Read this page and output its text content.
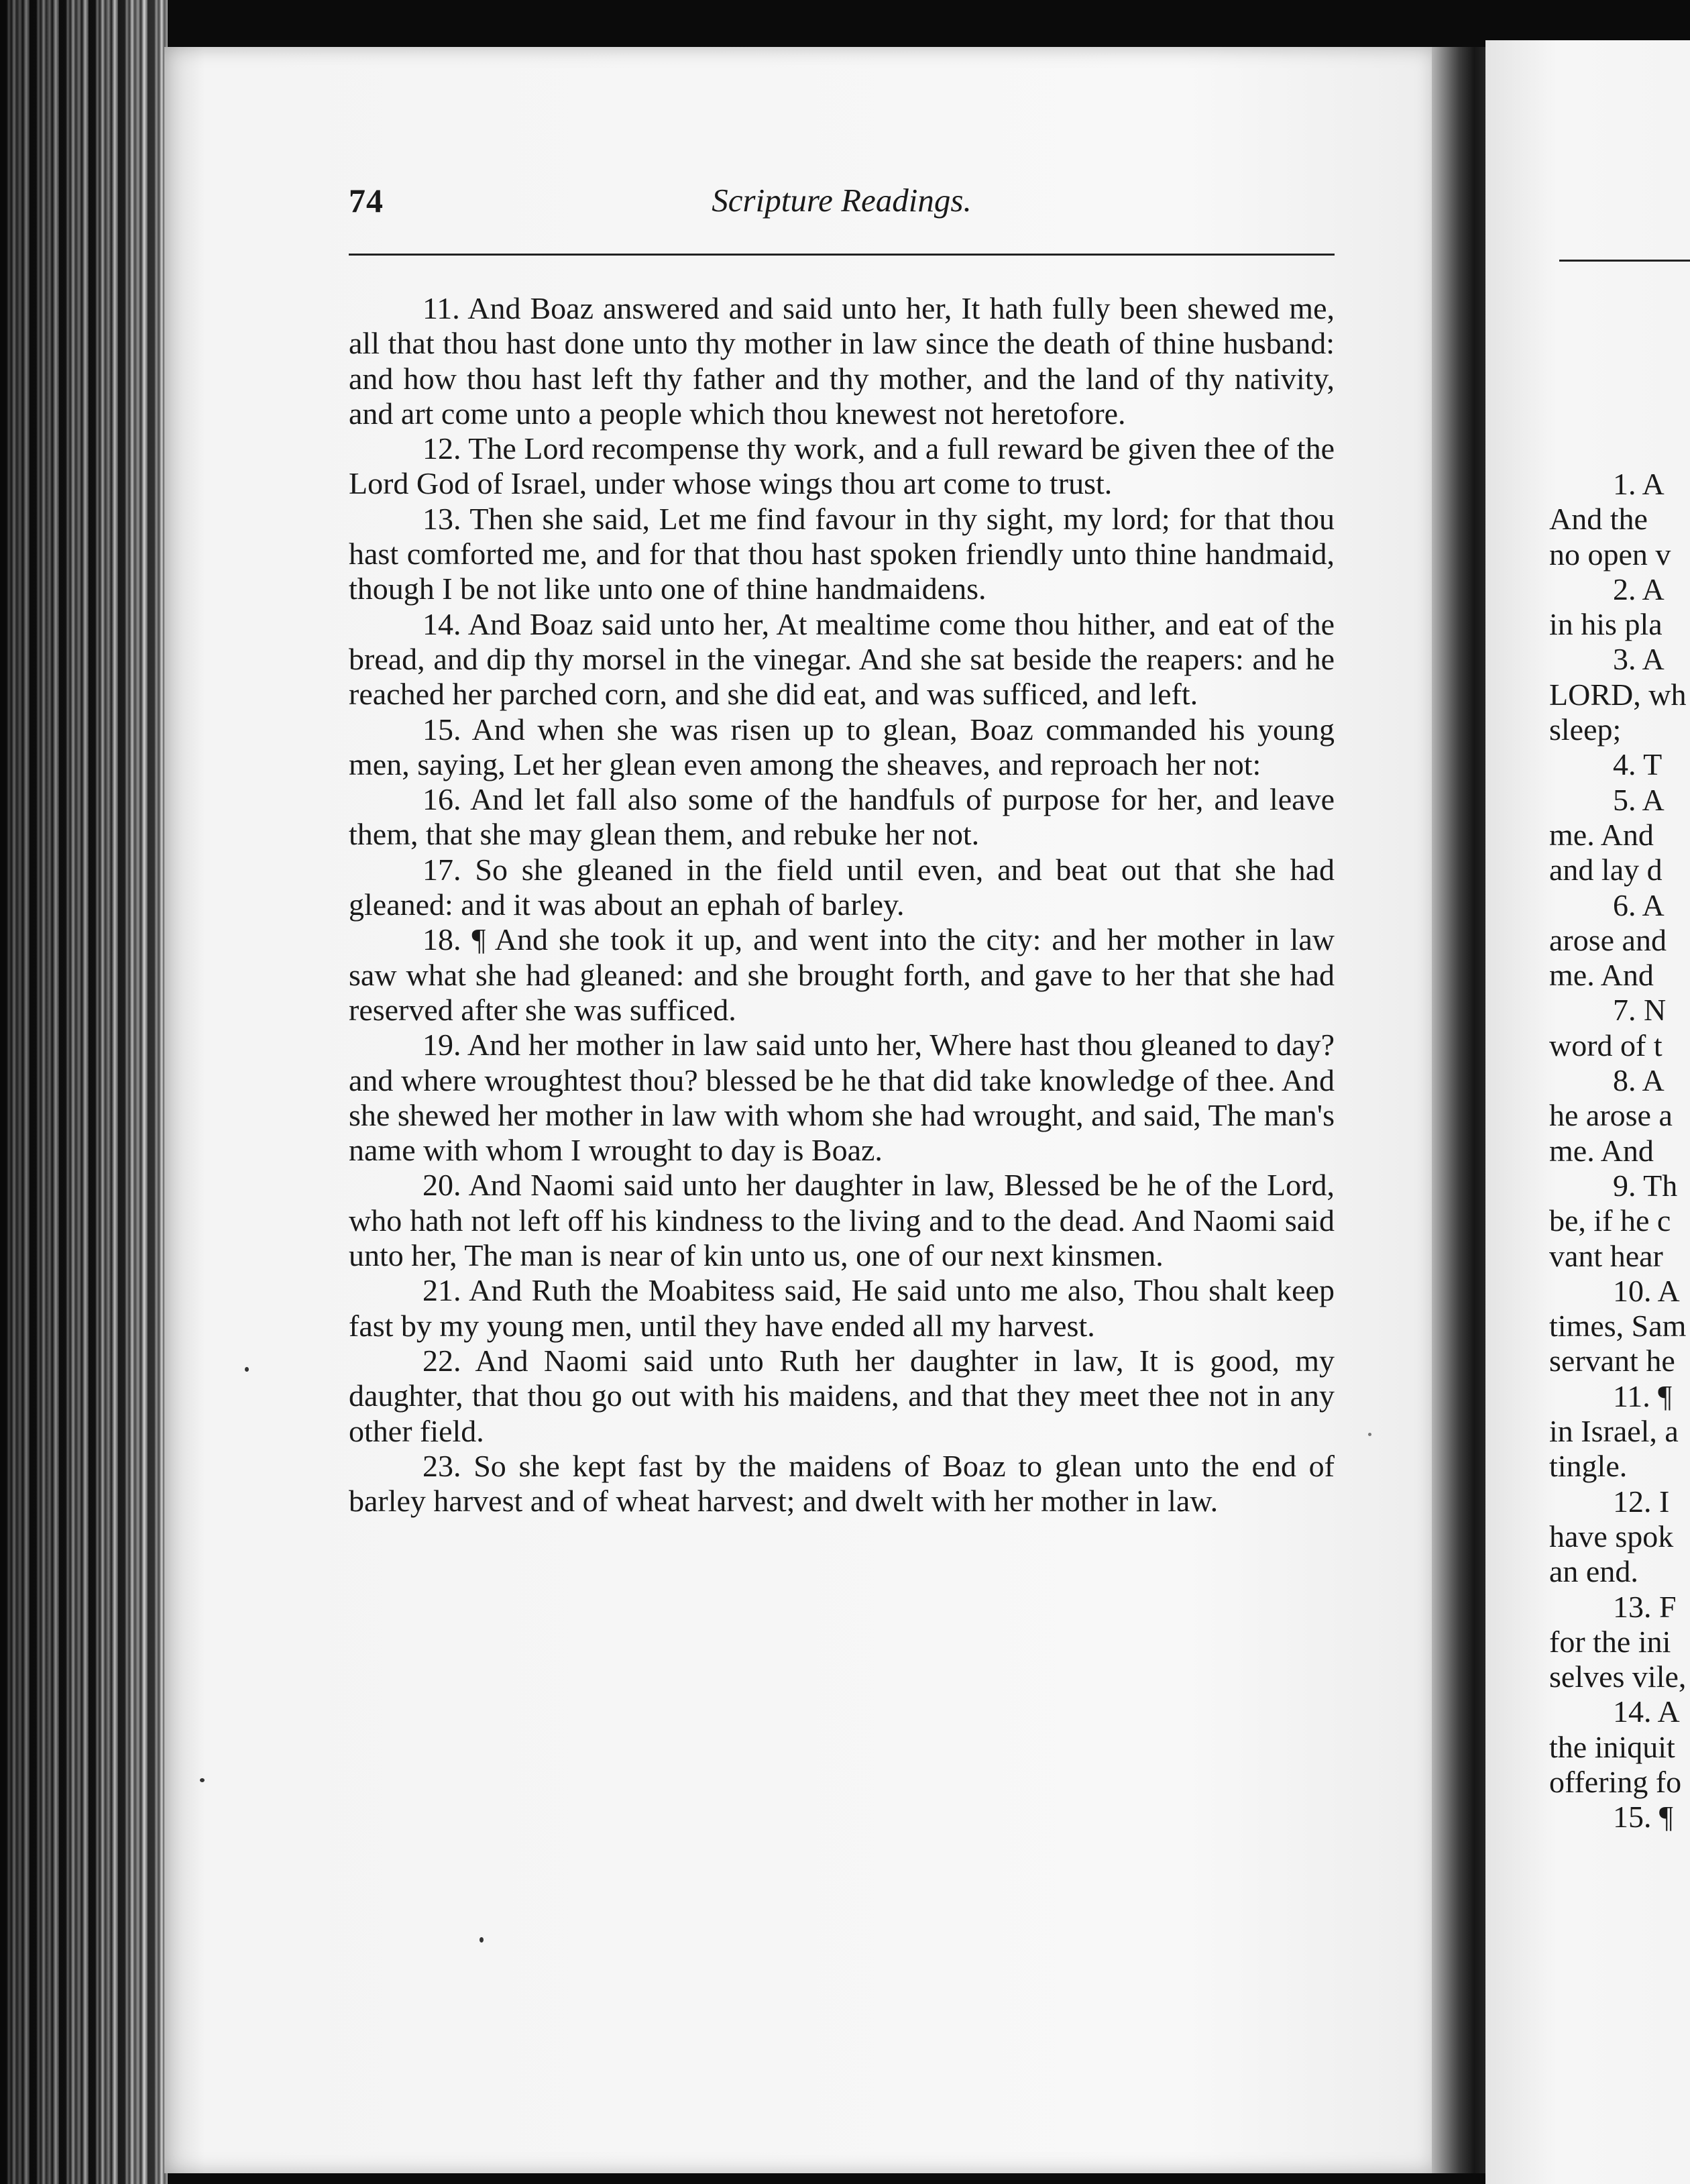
74	Scripture Readings.

11. And Boaz answered and said unto her, It hath fully been shewed me, all that thou hast done unto thy mother in law since the death of thine husband: and how thou hast left thy father and thy mother, and the land of thy nativity, and art come unto a people which thou knewest not heretofore.

12. The Lord recompense thy work, and a full reward be given thee of the Lord God of Israel, under whose wings thou art come to trust.

13. Then she said, Let me find favour in thy sight, my lord; for that thou hast comforted me, and for that thou hast spoken friendly unto thine handmaid, though I be not like unto one of thine handmaidens.

14. And Boaz said unto her, At mealtime come thou hither, and eat of the bread, and dip thy morsel in the vinegar. And she sat beside the reapers: and he reached her parched corn, and she did eat, and was sufficed, and left.

15. And when she was risen up to glean, Boaz commanded his young men, saying, Let her glean even among the sheaves, and reproach her not:

16. And let fall also some of the handfuls of purpose for her, and leave them, that she may glean them, and rebuke her not.

17. So she gleaned in the field until even, and beat out that she had gleaned: and it was about an ephah of barley.

18. ¶ And she took it up, and went into the city: and her mother in law saw what she had gleaned: and she brought forth, and gave to her that she had reserved after she was sufficed.

19. And her mother in law said unto her, Where hast thou gleaned to day? and where wroughtest thou? blessed be he that did take knowledge of thee. And she shewed her mother in law with whom she had wrought, and said, The man's name with whom I wrought to day is Boaz.

20. And Naomi said unto her daughter in law, Blessed be he of the Lord, who hath not left off his kindness to the living and to the dead. And Naomi said unto her, The man is near of kin unto us, one of our next kinsmen.

21. And Ruth the Moabitess said, He said unto me also, Thou shalt keep fast by my young men, until they have ended all my harvest.

22. And Naomi said unto Ruth her daughter in law, It is good, my daughter, that thou go out with his maidens, and that they meet thee not in any other field.

23. So she kept fast by the maidens of Boaz to glean unto the end of barley harvest and of wheat harvest; and dwelt with her mother in law.

1. A
And the
no open v
2. A
in his pla
3. A
LORD, wh
sleep;
4. T
5. A
me. And
and lay d
6. A
arose and
me. And
7. N
word of t
8. A
he arose a
me. And
9. Th
be, if he c
vant hear
10. A
times, Sam
servant he
11. ¶
in Israel, a
tingle.
12. I
have spok
an end.
13. F
for the ini
selves vile,
14. A
the iniquit
offering fo
15. ¶
